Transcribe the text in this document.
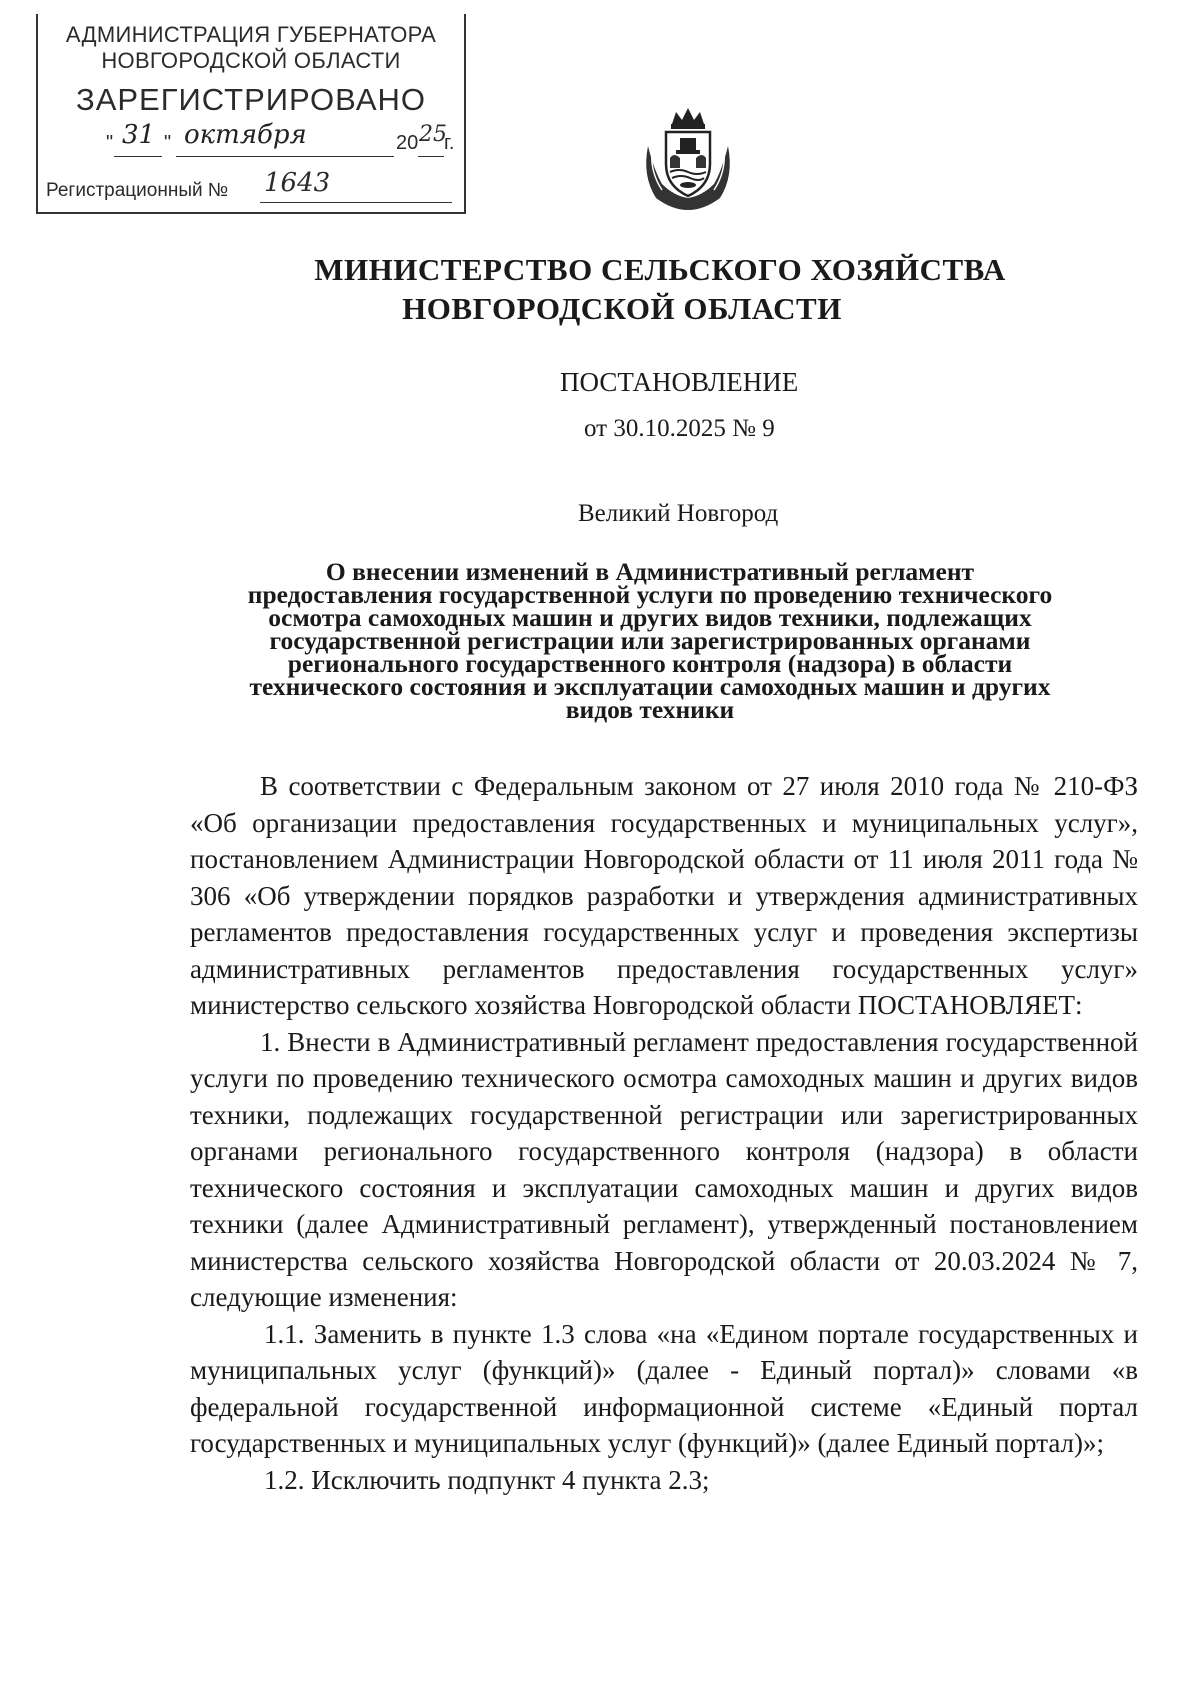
АДМИНИСТРАЦИЯ ГУБЕРНАТОРА
НОВГОРОДСКОЙ ОБЛАСТИ
ЗАРЕГИСТРИРОВАНО
" 31 " октября	20 25
г.
Регистрационный № 1643
МИНИСТЕРСТВО СЕЛЬСКОГО ХОЗЯЙСТВА
НОВГОРОДСКОЙ ОБЛАСТИ
ПОСТАНОВЛЕНИЕ
от 30.10.2025 № 9
Великий Новгород
О внесении изменений в Административный регламент
предоставления государственной услуги по проведению технического
осмотра самоходных машин и других видов техники, подлежащих
государственной регистрации или зарегистрированных органами
регионального государственного контроля (надзора) в области
технического состояния и эксплуатации самоходных машин и других
видов техники

В соответствии с Федеральным законом от 27 июля 2010 года № 210-ФЗ «Об организации предоставления государственных и муниципальных услуг», постановлением Администрации Новгородской области от 11 июля 2011 года № 306 «Об утверждении порядков разработки и утверждения административных регламентов предоставления государственных услуг и проведения экспертизы административных регламентов предоставления государственных услуг» министерство сельского хозяйства Новгородской области ПОСТАНОВЛЯЕТ:

1. Внести в Административный регламент предоставления государственной услуги по проведению технического осмотра самоходных машин и других видов техники, подлежащих государственной регистрации или зарегистрированных органами регионального государственного контроля (надзора) в области технического состояния и эксплуатации самоходных машин и других видов техники (далее Административный регламент), утвержденный постановлением министерства сельского хозяйства Новгородской области от 20.03.2024 № 7, следующие изменения:

1.1. Заменить в пункте 1.3 слова «на «Едином портале государственных и муниципальных услуг (функций)» (далее - Единый портал)» словами «в федеральной государственной информационной системе «Единый портал государственных и муниципальных услуг (функций)» (далее Единый портал)»;

1.2. Исключить подпункт 4 пункта 2.3;
